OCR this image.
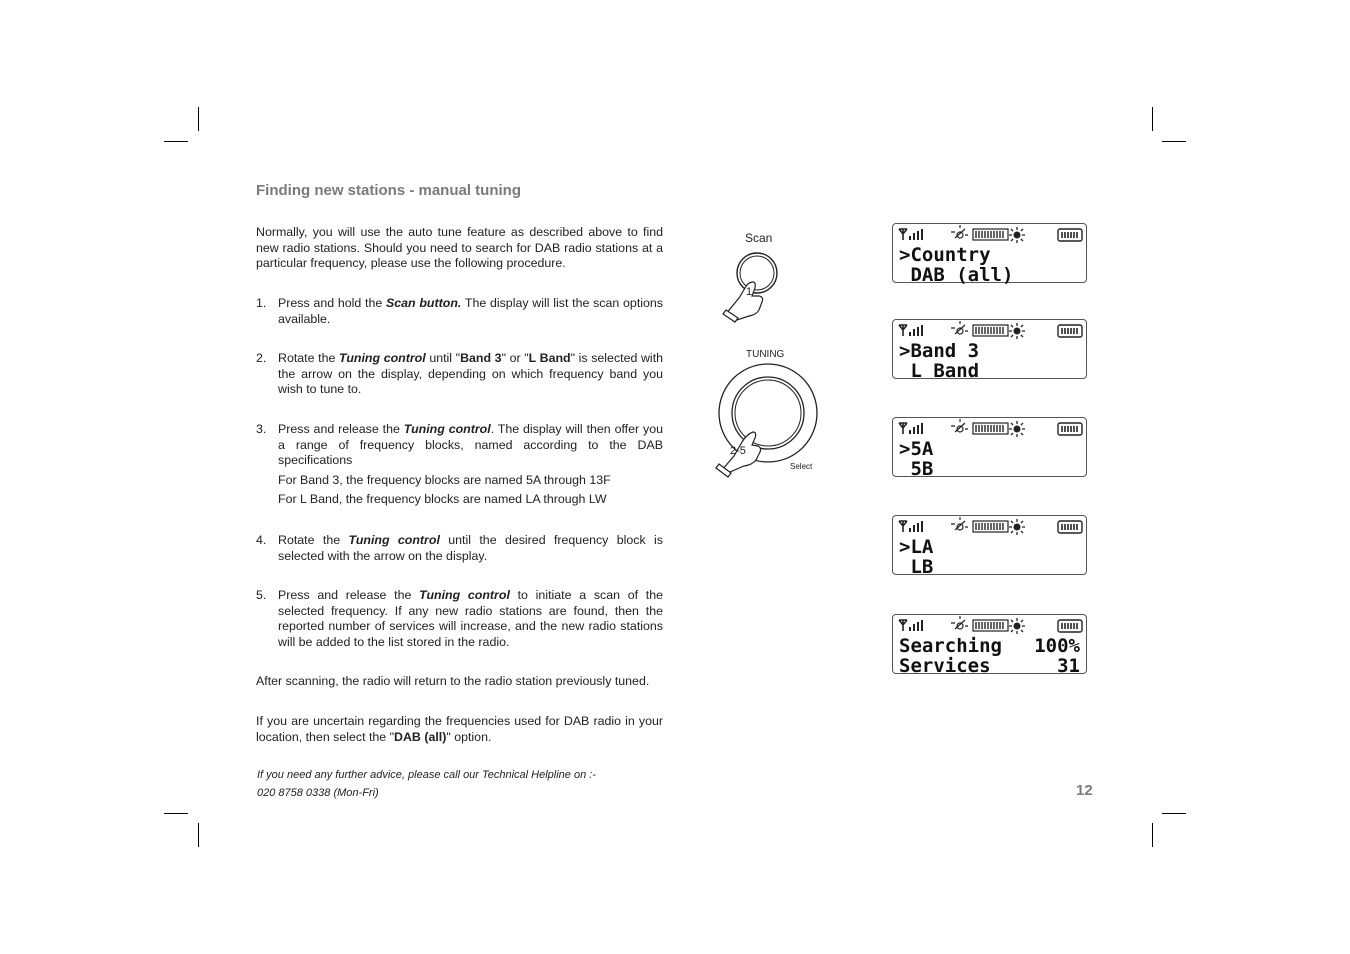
Finding new stations - manual tuning
Normally, you will use the auto tune feature as described above to find new radio stations. Should you need to search for DAB radio stations at a particular frequency, please use the following procedure.
1. Press and hold the Scan button. The display will list the scan options available.
2. Rotate the Tuning control until "Band 3" or "L Band" is selected with the arrow on the display, depending on which frequency band you wish to tune to.
3. Press and release the Tuning control. The display will then offer you a range of frequency blocks, named according to the DAB specifications
For Band 3, the frequency blocks are named 5A through 13F
For L Band, the frequency blocks are named LA through LW
4. Rotate the Tuning control until the desired frequency block is selected with the arrow on the display.
5. Press and release the Tuning control to initiate a scan of the selected frequency. If any new radio stations are found, then the reported number of services will increase, and the new radio stations will be added to the list stored in the radio.
After scanning, the radio will return to the radio station previously tuned.
If you are uncertain regarding the frequencies used for DAB radio in your location, then select the "DAB (all)" option.
If you need any further advice, please call our Technical Helpline on :-
020 8758 0338 (Mon-Fri)	12
Scan
1
TUNING
2-5
Select
>Country
DAB (all)
>Band 3
L Band
>5A
5B
>LA
LB
Searching 100%
Services	31
